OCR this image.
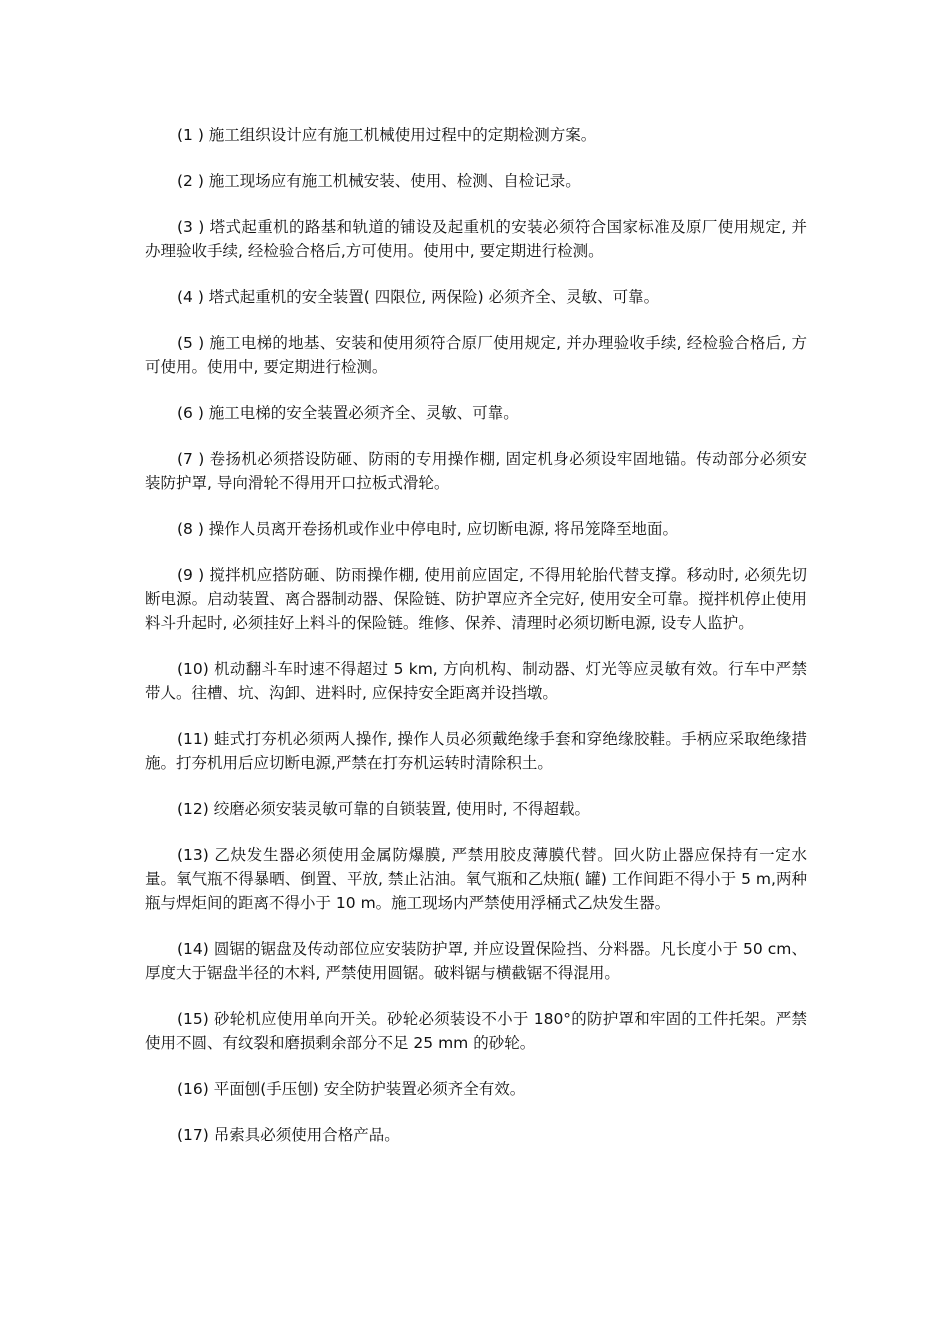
(1 ) 施工组织设计应有施工机械使用过程中的定期检测方案。

(2 ) 施工现场应有施工机械安装、使用、检测、自检记录。

(3 ) 塔式起重机的路基和轨道的铺设及起重机的安装必须符合国家标准及原厂使用规定, 并办理验收手续, 经检验合格后,方可使用。使用中, 要定期进行检测。

(4 ) 塔式起重机的安全装置( 四限位, 两保险) 必须齐全、灵敏、可靠。

(5 ) 施工电梯的地基、安装和使用须符合原厂使用规定, 并办理验收手续, 经检验合格后, 方可使用。使用中, 要定期进行检测。

(6 ) 施工电梯的安全装置必须齐全、灵敏、可靠。

(7 ) 卷扬机必须搭设防砸、防雨的专用操作棚, 固定机身必须设牢固地锚。传动部分必须安装防护罩, 导向滑轮不得用开口拉板式滑轮。

(8 ) 操作人员离开卷扬机或作业中停电时, 应切断电源, 将吊笼降至地面。

(9 ) 搅拌机应搭防砸、防雨操作棚, 使用前应固定, 不得用轮胎代替支撑。移动时, 必须先切断电源。启动装置、离合器制动器、保险链、防护罩应齐全完好, 使用安全可靠。搅拌机停止使用料斗升起时, 必须挂好上料斗的保险链。维修、保养、清理时必须切断电源, 设专人监护。

(10) 机动翻斗车时速不得超过 5 km, 方向机构、制动器、灯光等应灵敏有效。行车中严禁带人。往槽、坑、沟卸、进料时, 应保持安全距离并设挡墩。

(11) 蛙式打夯机必须两人操作, 操作人员必须戴绝缘手套和穿绝缘胶鞋。手柄应采取绝缘措施。打夯机用后应切断电源,严禁在打夯机运转时清除积土。

(12) 绞磨必须安装灵敏可靠的自锁装置, 使用时, 不得超载。

(13) 乙炔发生器必须使用金属防爆膜, 严禁用胶皮薄膜代替。回火防止器应保持有一定水量。氧气瓶不得暴晒、倒置、平放, 禁止沾油。氧气瓶和乙炔瓶( 罐) 工作间距不得小于 5 m,两种瓶与焊炬间的距离不得小于 10 m。施工现场内严禁使用浮桶式乙炔发生器。

(14) 圆锯的锯盘及传动部位应安装防护罩, 并应设置保险挡、分料器。凡长度小于 50 cm、厚度大于锯盘半径的木料, 严禁使用圆锯。破料锯与横截锯不得混用。

(15) 砂轮机应使用单向开关。砂轮必须装设不小于 180°的防护罩和牢固的工件托架。严禁使用不圆、有纹裂和磨损剩余部分不足 25 mm 的砂轮。

(16) 平面刨(手压刨) 安全防护装置必须齐全有效。

(17) 吊索具必须使用合格产品。
